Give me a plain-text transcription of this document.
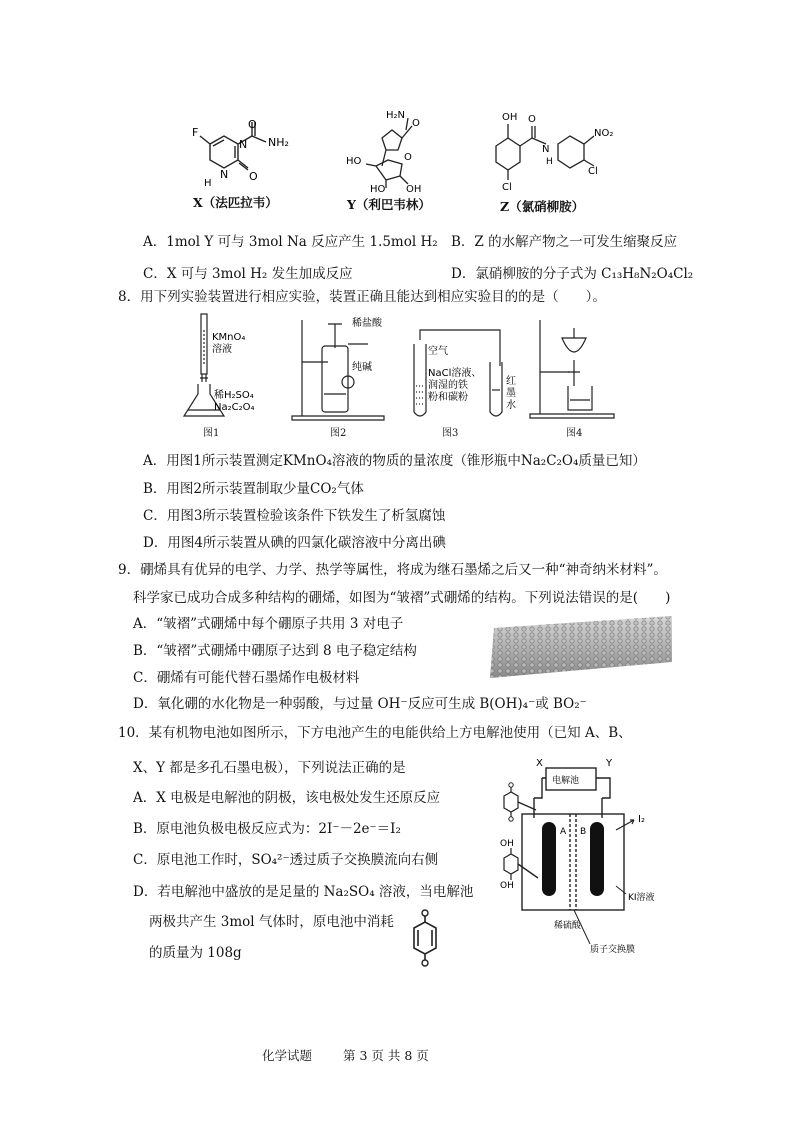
F
N
N
O
NH₂
O
H
X（法匹拉韦）
H₂N
O
O
HO
HO OH
Y（利巴韦林）
OH O
N
H
NO₂
Cl
Cl
Z（氯硝柳胺）
A．1mol Y 可与 3mol Na 反应产生 1.5mol H₂ B．Z 的水解产物之一可发生缩聚反应
C．X 可与 3mol H₂ 发生加成反应	D．氯硝柳胺的分子式为 C₁₃H₈N₂O₄Cl₂
8．用下列实验装置进行相应实验，装置正确且能达到相应实验目的的是（　　）。
KMnO₄
溶液
稀H₂SO₄
Na₂C₂O₄
图1
稀盐酸
纯碱
图2
空气
NaCl溶液、
润湿的铁
粉和碳粉
红
墨
水
图3	图4
A．用图1所示装置测定KMnO₄溶液的物质的量浓度（锥形瓶中Na₂C₂O₄质量已知）
B．用图2所示装置制取少量CO₂气体
C．用图3所示装置检验该条件下铁发生了析氢腐蚀
D．用图4所示装置从碘的四氯化碳溶液中分离出碘
9．硼烯具有优异的电学、力学、热学等属性，将成为继石墨烯之后又一种“神奇纳米材料”。
科学家已成功合成多种结构的硼烯，如图为“皱褶”式硼烯的结构。下列说法错误的是(　　)
A．“皱褶”式硼烯中每个硼原子共用 3 对电子
B．“皱褶”式硼烯中硼原子达到 8 电子稳定结构
C．硼烯有可能代替石墨烯作电极材料
D．氧化硼的水化物是一种弱酸，与过量 OH⁻反应可生成 B(OH)₄⁻或 BO₂⁻
10．某有机物电池如图所示，下方电池产生的电能供给上方电解池使用（已知 A、B、
X、Y 都是多孔石墨电极），下列说法正确的是
A．X 电极是电解池的阴极，该电极处发生还原反应
B．原电池负极电极反应式为：2I⁻－2e⁻＝I₂
C．原电池工作时，SO₄²⁻透过质子交换膜流向右侧
D．若电解池中盛放的是足量的 Na₂SO₄ 溶液，当电解池
两极共产生 3mol 气体时，原电池中消耗
的质量为 108g
X	Y
电解池
A B
I₂
KI溶液
稀硫酸
质子交换膜
OH
OH
化学试题 第 3 页 共 8 页
